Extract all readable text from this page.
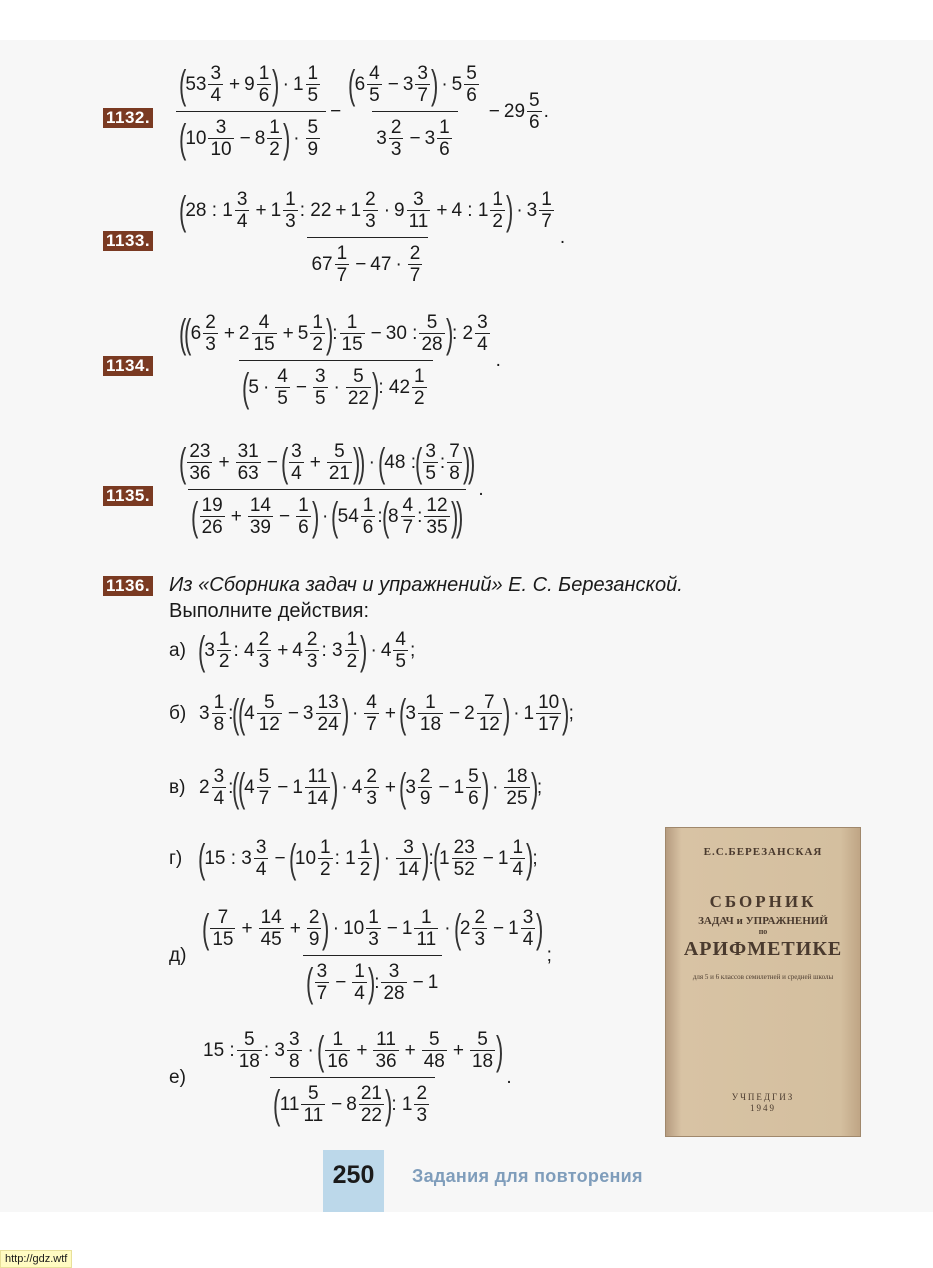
1132.
(
53
3
4
+ $9 \frac{1}{6}$ ) · 1
1
5
(
10
3
10
− $8 \frac{1}{2}$ ) ·
5
9
− (
6
4
5
− $3 \frac{3}{7}$ ) · 5
5
6
3
2
3
− $3 \frac{1}{6} - 29 \frac{5}{6}$ .
1133.
(
28 : 1
3
4
+ $1 \frac{1}{3}$ : $22 + 1 \frac{2}{3} \cdot 9$
3
11
+ 4 : $1 \frac{1}{2}$ ) · 3
1
7
67
1
7
− 47 ·
2
7
.
1134.
(
(
6
2
3
+ $2 \frac{4}{15} + 5 \frac{1}{2}$ )
:
1
15
− 30 : $\frac{5}{28}$ )
: 2
3
4
(
5 ·
4
5
− $\frac{3}{5}$ ·
5
22 )
: 42
1
2
.
1135.
( 23
36
+ $\frac{31}{63}$ − ( 3
4
+ $\frac{5}{21}$ )
) · (
48 :
( 3
5
:
7
8 )
)
( 19
26
+ $\frac{14}{39} - \frac{1}{6}$ ) · (
54
1
6
:
(
8
4
7
:
12
35 )
)
.
1136. Из «Сборника задач и упражнений» Е. С. Березанской.
Выполните действия:
а) (
3
1
2
: 4
2
3
+ $4 \frac{2}{3}$ : 3
1
2 ) · 4
4
5
;
б) 3
1
8
:
(
(
4
5
12
− $3 \frac{13}{24}$ ) ·
4
7
+ (
3
1
18
− $2 \frac{7}{12}$ ) · 1
10
17 )
;
в) 2
3
4
:
(
(
4
5
7
− $1 \frac{11}{14}$ ) · 4
2
3
+ (
3
2
9
− $1 \frac{5}{6}$ ) ·
18
25 )
;
г) (
15 : 3
3
4
− (
10
1
2
: 1
1
2 ) ·
3
14 )
:
(
1
23
52
− $1 \frac{1}{4}$ )
;
д)
( 7
15
+ $\frac{14}{45} + \frac{2}{9}$ ) · 10
1
3
− $1 \frac{1}{11}$ · (
2
2
3
− $1 \frac{3}{4}$ )
( 3
7
− $\frac{1}{4}$ )
:
3
28
− 1
;
е)
15 :
5
18
: 3
3
8
· ( 1
16
+ $\frac{11}{36} + \frac{5}{48} + \frac{5}{18}$ )
(
11
5
11
− $8 \frac{21}{22}$ )
: 1
2
3
.
Е.С.БЕРЕЗАНСКАЯ
СБОРНИК
ЗАДАЧ и УПРАЖНЕНИЙ
по
АРИФМЕТИКЕ
для 5 и 6 классов семилетней и средней школы
УЧПЕДГИЗ
1949
250	Задания для повторения
http://gdz.wtf
